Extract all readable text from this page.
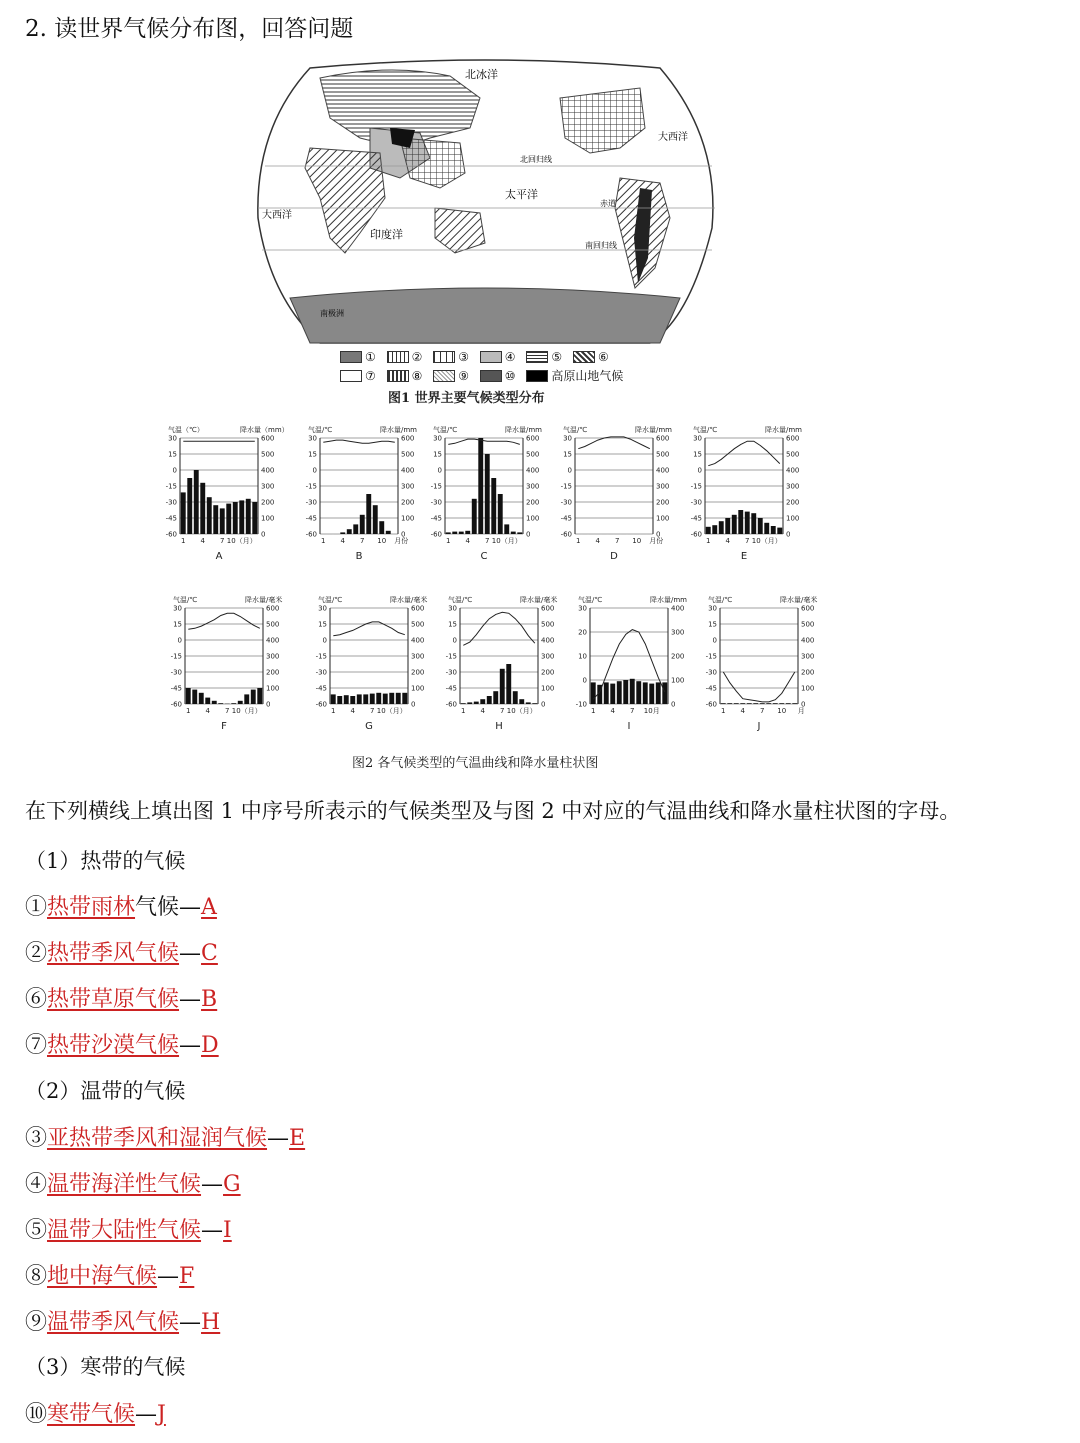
2. 读世界气候分布图，回答问题
北冰洋
大西洋
大西洋
太平洋
印度洋
北回归线
赤道
南回归线
南极洲
①
	②
	③
	④
	⑤
	⑥

⑦
	⑧
	⑨
	⑩
	高原山地气候
图1 世界主要气候类型分布
气温（℃）	降水量（mm）
30
15
0
-15
-30
-45
-60
600
500
400
300
200
100
0
1 4 7 10（月）
A
气温/℃	降水量/mm
30
15
0
-15
-30
-45
-60
600
500
400
300
200
100
0
1 4 7 10 月份
B
气温/℃	降水量/mm
30
15
0
-15
-30
-45
-60
600
500
400
300
200
100
0
1 4 7 10（月）
C
气温/℃	降水量/mm
30
15
0
-15
-30
-45
-60
600
500
400
300
200
100
0
1 4 7 10 月份
D
气温/℃	降水量/mm
30
15
0
-15
-30
-45
-60
600
500
400
300
200
100
0
1 4 7 10（月）
E
气温/℃	降水量/毫米
30
15
0
-15
-30
-45
-60
600
500
400
300
200
100
0
1 4 7 10（月）
F
气温/℃	降水量/毫米
30
15
0
-15
-30
-45
-60
600
500
400
300
200
100
0
1 4 7 10（月）
G
气温/℃	降水量/毫米
30
15
0
-15
-30
-45
-60
600
500
400
300
200
100
0
1 4 7 10（月）
H
气温/℃	降水量/mm
30
20
10
0
-10
400
300
200
100
0
1 4 7 10月
I
气温/℃	降水量/毫米
30
15
0
-15
-30
-45
-60
600
500
400
300
200
100
0
1 4 7 10 月
J
图2 各气候类型的气温曲线和降水量柱状图
在下列横线上填出图 1 中序号所表示的气候类型及与图 2 中对应的气温曲线和降水量柱状图的字母。
（1）热带的气候
①热带雨林气候—A
②热带季风气候—C
⑥热带草原气候—B
⑦热带沙漠气候—D
（2）温带的气候
③亚热带季风和湿润气候—E
④温带海洋性气候—G
⑤温带大陆性气候—I
⑧地中海气候—F
⑨温带季风气候—H
（3）寒带的气候
⑩寒带气候—J
